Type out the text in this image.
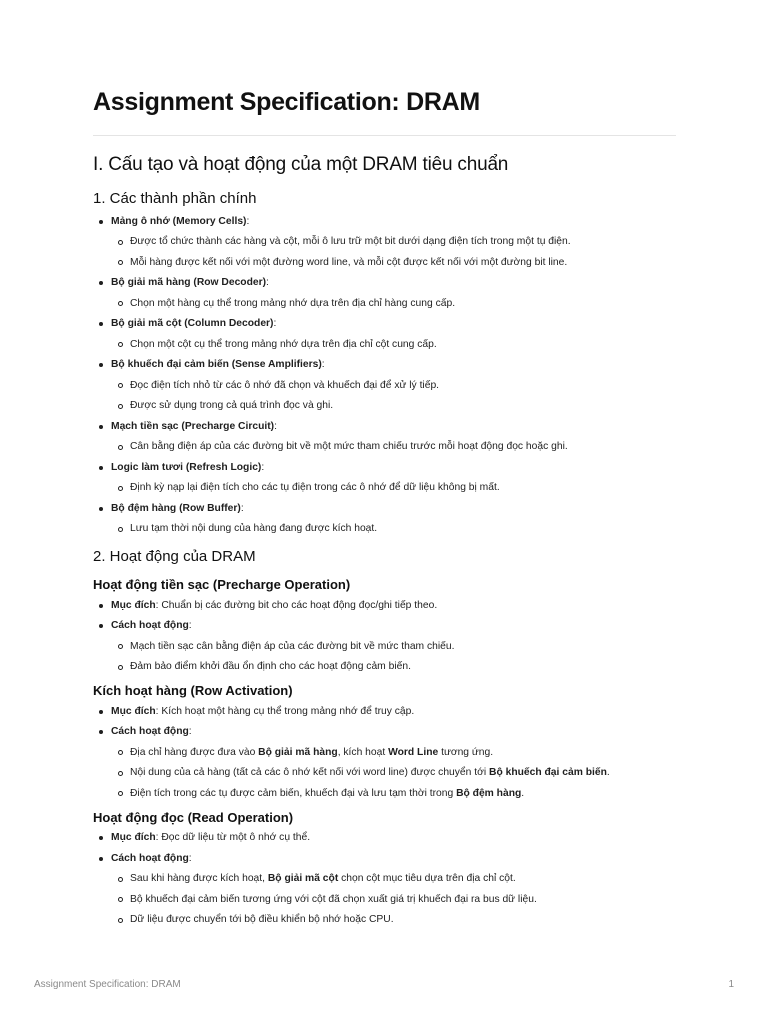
Assignment Specification: DRAM
I. Cấu tạo và hoạt động của một DRAM tiêu chuẩn
1. Các thành phần chính
Mảng ô nhớ (Memory Cells):
Được tổ chức thành các hàng và cột, mỗi ô lưu trữ một bit dưới dạng điện tích trong một tụ điện.
Mỗi hàng được kết nối với một đường word line, và mỗi cột được kết nối với một đường bit line.
Bộ giải mã hàng (Row Decoder):
Chọn một hàng cụ thể trong mảng nhớ dựa trên địa chỉ hàng cung cấp.
Bộ giải mã cột (Column Decoder):
Chọn một cột cụ thể trong mảng nhớ dựa trên địa chỉ cột cung cấp.
Bộ khuếch đại cảm biến (Sense Amplifiers):
Đọc điện tích nhỏ từ các ô nhớ đã chọn và khuếch đại để xử lý tiếp.
Được sử dụng trong cả quá trình đọc và ghi.
Mạch tiền sạc (Precharge Circuit):
Cân bằng điện áp của các đường bit về một mức tham chiếu trước mỗi hoạt động đọc hoặc ghi.
Logic làm tươi (Refresh Logic):
Định kỳ nạp lại điện tích cho các tụ điện trong các ô nhớ để dữ liệu không bị mất.
Bộ đệm hàng (Row Buffer):
Lưu tạm thời nội dung của hàng đang được kích hoạt.
2. Hoạt động của DRAM
Hoạt động tiền sạc (Precharge Operation)
Mục đích: Chuẩn bị các đường bit cho các hoạt động đọc/ghi tiếp theo.
Cách hoạt động:
Mạch tiền sạc cân bằng điện áp của các đường bit về mức tham chiếu.
Đảm bảo điểm khởi đầu ổn định cho các hoạt động cảm biến.
Kích hoạt hàng (Row Activation)
Mục đích: Kích hoạt một hàng cụ thể trong mảng nhớ để truy cập.
Cách hoạt động:
Địa chỉ hàng được đưa vào Bộ giải mã hàng, kích hoạt Word Line tương ứng.
Nội dung của cả hàng (tất cả các ô nhớ kết nối với word line) được chuyển tới Bộ khuếch đại cảm biến.
Điện tích trong các tụ được cảm biến, khuếch đại và lưu tạm thời trong Bộ đệm hàng.
Hoạt động đọc (Read Operation)
Mục đích: Đọc dữ liệu từ một ô nhớ cụ thể.
Cách hoạt động:
Sau khi hàng được kích hoạt, Bộ giải mã cột chọn cột mục tiêu dựa trên địa chỉ cột.
Bộ khuếch đại cảm biến tương ứng với cột đã chọn xuất giá trị khuếch đại ra bus dữ liệu.
Dữ liệu được chuyển tới bộ điều khiển bộ nhớ hoặc CPU.
Assignment Specification: DRAM	1
